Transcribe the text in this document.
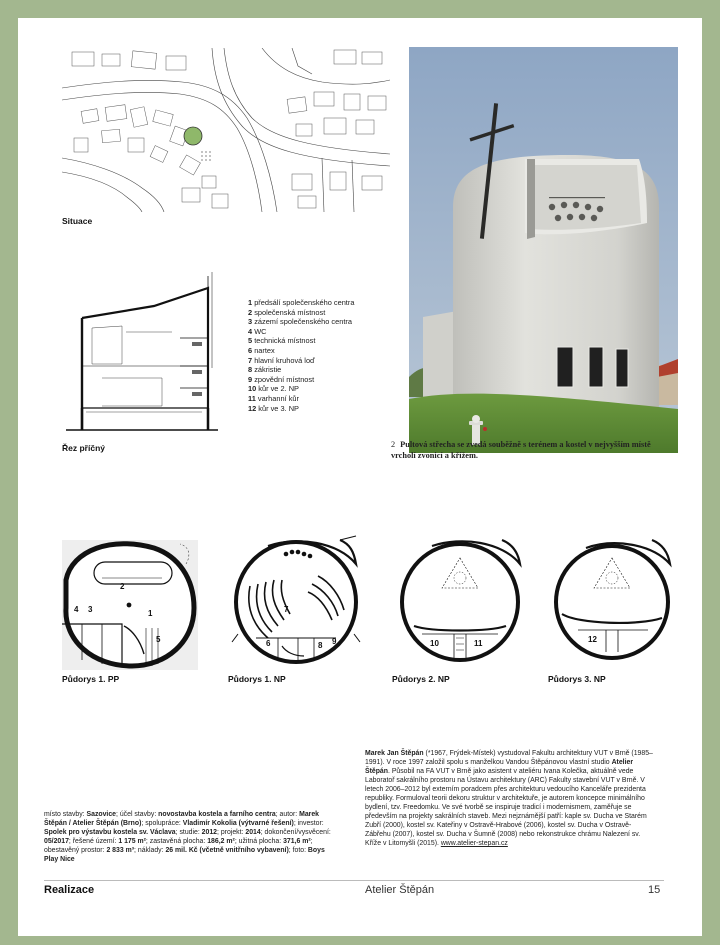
Situace
Řez příčný
1 předsálí společenského centra
2 společenská místnost
3 zázemí společenského centra
4 WC
5 technická místnost
6 nartex
7 hlavní kruhová loď
8 zákristie
9 zpovědní místnost
10 kůr ve 2. NP
11 varhanní kůr
12 kůr ve 3. NP
2 Pultová střecha se zvedá souběžně s terénem a kostel v nejvyšším místě vrcholí zvonicí a křížem.
2
1
3
4
5
Půdorys 1. PP
7
6	8 9
Půdorys 1. NP
10	11
Půdorys 2. NP
12
Půdorys 3. NP
Marek Jan Štěpán (*1967, Frýdek-Místek) vystudoval Fakultu architektury VUT v Brně (1985–1991). V roce 1997 založil spolu s manželkou Vandou Štěpánovou vlastní studio Atelier Štěpán. Působil na FA VUT v Brně jako asistent v ateliéru Ivana Kolečka, aktuálně vede Laboratoř sakrálního prostoru na Ústavu architektury (ARC) Fakulty stavební VUT v Brně. V letech 2006–2012 byl externím poradcem přes architekturu vedoucího Kanceláře prezidenta republiky. Formuloval teorii dekoru struktur v architektuře, je autorem koncepce minimálního bydlení, tzv. Freedomku. Ve své tvorbě se inspiruje tradicí i modernismem, zaměřuje se především na projekty sakrálních staveb. Mezi nejznámější patří: kaple sv. Ducha ve Starém Zubří (2000), kostel sv. Kateřiny v Ostravě-Hrabové (2006), kostel sv. Ducha v Ostravě-Zábřehu (2007), kostel sv. Ducha v Šumně (2008) nebo rekonstrukce chrámu Nalezení sv. Kříže v Litomyšli (2015). www.atelier-stepan.cz
místo stavby: Sazovice; účel stavby: novostavba kostela a farního centra; autor: Marek Štěpán / Atelier Štěpán (Brno); spolupráce: Vladimír Kokolia (výtvarné řešení); investor: Spolek pro výstavbu kostela sv. Václava; studie: 2012; projekt: 2014; dokončení/vysvěcení: 05/2017; řešené území: 1 175 m²; zastavěná plocha: 186,2 m²; užitná plocha: 371,6 m²; obestavěný prostor: 2 833 m³; náklady: 26 mil. Kč (včetně vnitřního vybavení); foto: Boys Play Nice
Realizace	Atelier Štěpán	15
